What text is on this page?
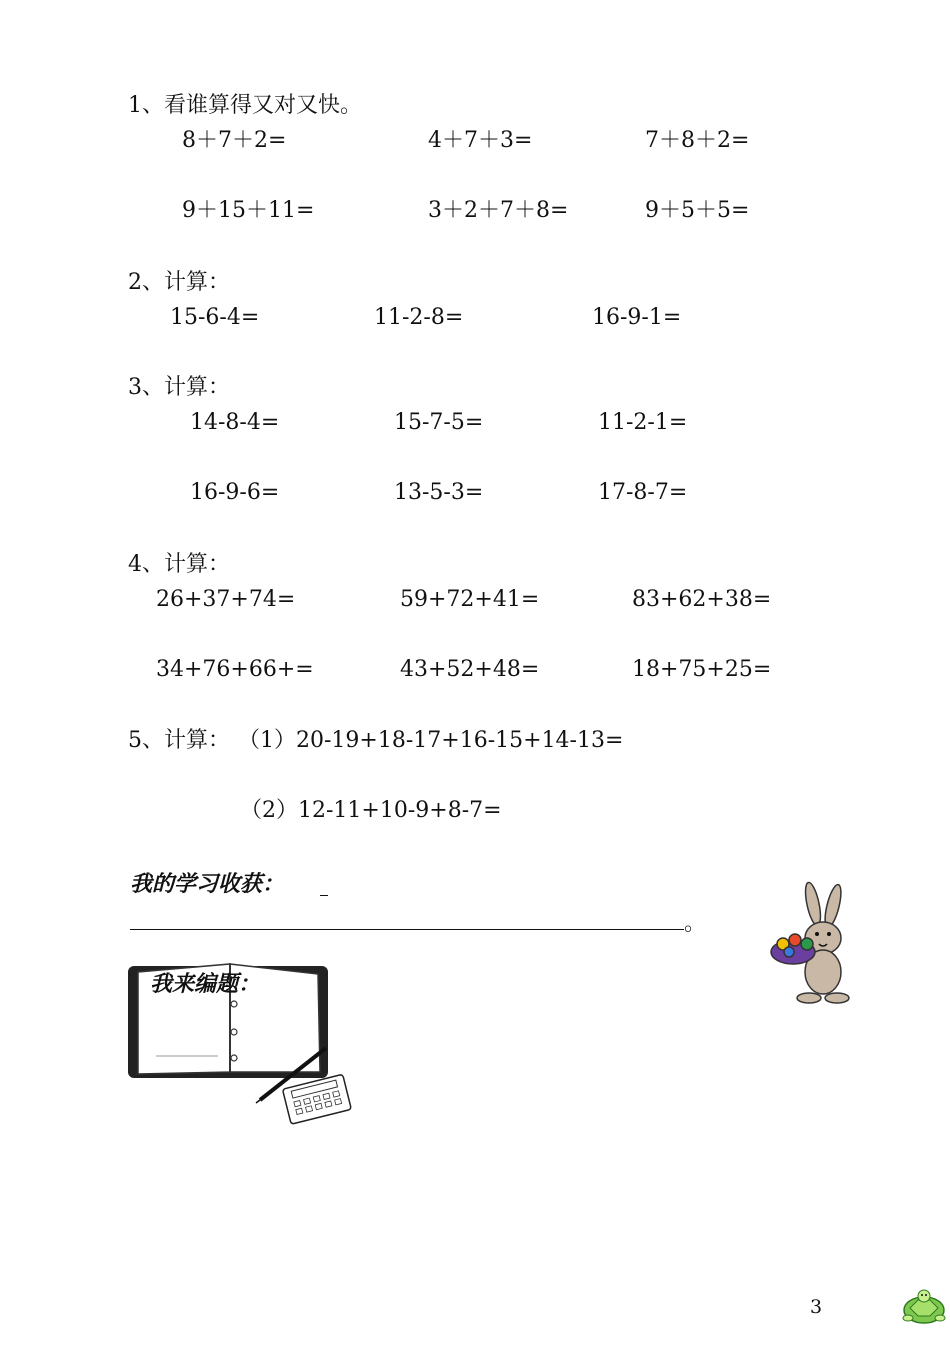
1、看谁算得又对又快。
8＋7＋2=	4＋7＋3=	7＋8＋2=
9＋15＋11=	3＋2＋7＋8=	9＋5＋5=
2、计算：
15-6-4=	11-2-8=	16-9-1=
3、计算：
14-8-4=	15-7-5=	11-2-1=
16-9-6=	13-5-3=	17-8-7=
4、计算：
26+37+74=	59+72+41=	83+62+38=
34+76+66+=	43+52+48=	18+75+25=
5、计算： （1）20-19+18-17+16-15+14-13=
（2）12-11+10-9+8-7=
我的学习收获：
。
我来编题：
3
